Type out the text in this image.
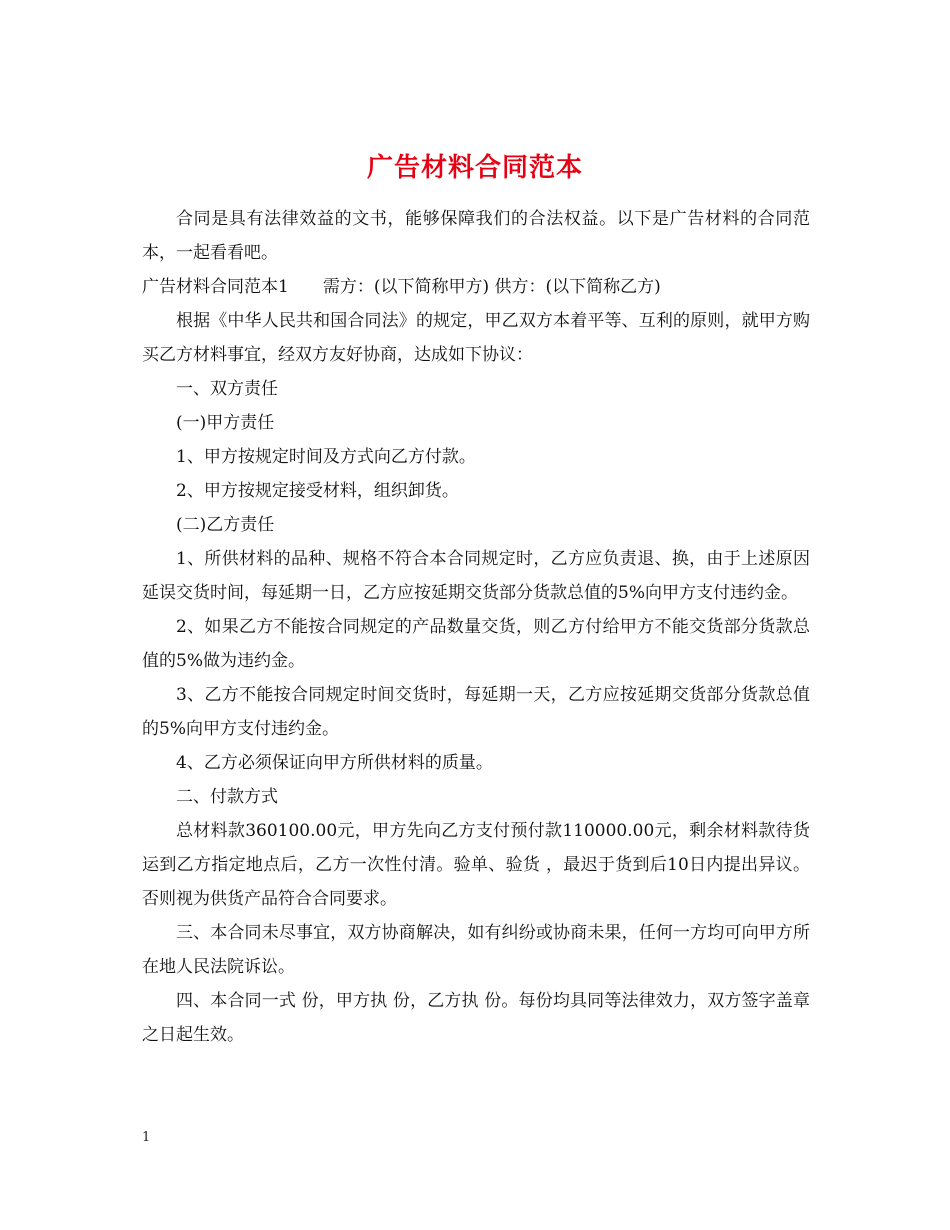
广告材料合同范本

合同是具有法律效益的文书，能够保障我们的合法权益。以下是广告材料的合同范本，一起看看吧。

广告材料合同范本1　　需方：(以下简称甲方) 供方：(以下简称乙方)

根据《中华人民共和国合同法》的规定，甲乙双方本着平等、互利的原则，就甲方购买乙方材料事宜，经双方友好协商，达成如下协议：

一、双方责任

(一)甲方责任

1、甲方按规定时间及方式向乙方付款。

2、甲方按规定接受材料，组织卸货。

(二)乙方责任

1、所供材料的品种、规格不符合本合同规定时，乙方应负责退、换，由于上述原因延误交货时间，每延期一日，乙方应按延期交货部分货款总值的5%向甲方支付违约金。

2、如果乙方不能按合同规定的产品数量交货，则乙方付给甲方不能交货部分货款总值的5%做为违约金。

3、乙方不能按合同规定时间交货时，每延期一天，乙方应按延期交货部分货款总值的5%向甲方支付违约金。

4、乙方必须保证向甲方所供材料的质量。

二、付款方式

总材料款360100.00元，甲方先向乙方支付预付款110000.00元，剩余材料款待货运到乙方指定地点后，乙方一次性付清。验单、验货 ，最迟于货到后10日内提出异议。否则视为供货产品符合合同要求。

三、本合同未尽事宜，双方协商解决，如有纠纷或协商未果，任何一方均可向甲方所在地人民法院诉讼。

四、本合同一式 份，甲方执 份，乙方执 份。每份均具同等法律效力，双方签字盖章之日起生效。

1
